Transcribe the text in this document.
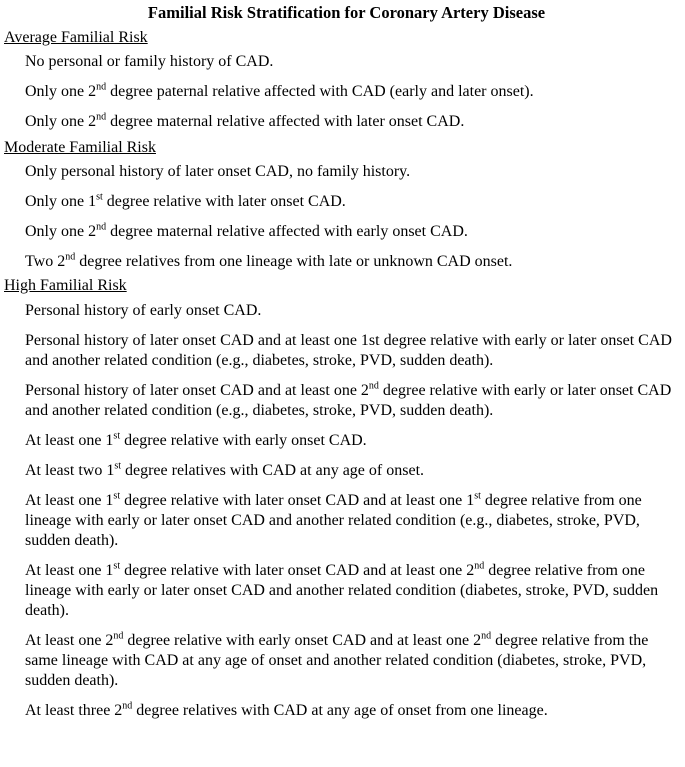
Familial Risk Stratification for Coronary Artery Disease
Average Familial Risk
No personal or family history of CAD.
Only one 2nd degree paternal relative affected with CAD (early and later onset).
Only one 2nd degree maternal relative affected with later onset CAD.
Moderate Familial Risk
Only personal history of later onset CAD, no family history.
Only one 1st degree relative with later onset CAD.
Only one 2nd degree maternal relative affected with early onset CAD.
Two 2nd degree relatives from one lineage with late or unknown CAD onset.
High Familial Risk
Personal history of early onset CAD.
Personal history of later onset CAD and at least one 1st degree relative with early or later onset CAD and another related condition (e.g., diabetes, stroke, PVD, sudden death).
Personal history of later onset CAD and at least one 2nd degree relative with early or later onset CAD and another related condition (e.g., diabetes, stroke, PVD, sudden death).
At least one 1st degree relative with early onset CAD.
At least two 1st degree relatives with CAD at any age of onset.
At least one 1st degree relative with later onset CAD and at least one 1st degree relative from one lineage with early or later onset CAD and another related condition (e.g., diabetes, stroke, PVD, sudden death).
At least one 1st degree relative with later onset CAD and at least one 2nd degree relative from one lineage with early or later onset CAD and another related condition (diabetes, stroke, PVD, sudden death).
At least one 2nd degree relative with early onset CAD and at least one 2nd degree relative from the same lineage with CAD at any age of onset and another related condition (diabetes, stroke, PVD, sudden death).
At least three 2nd degree relatives with CAD at any age of onset from one lineage.
